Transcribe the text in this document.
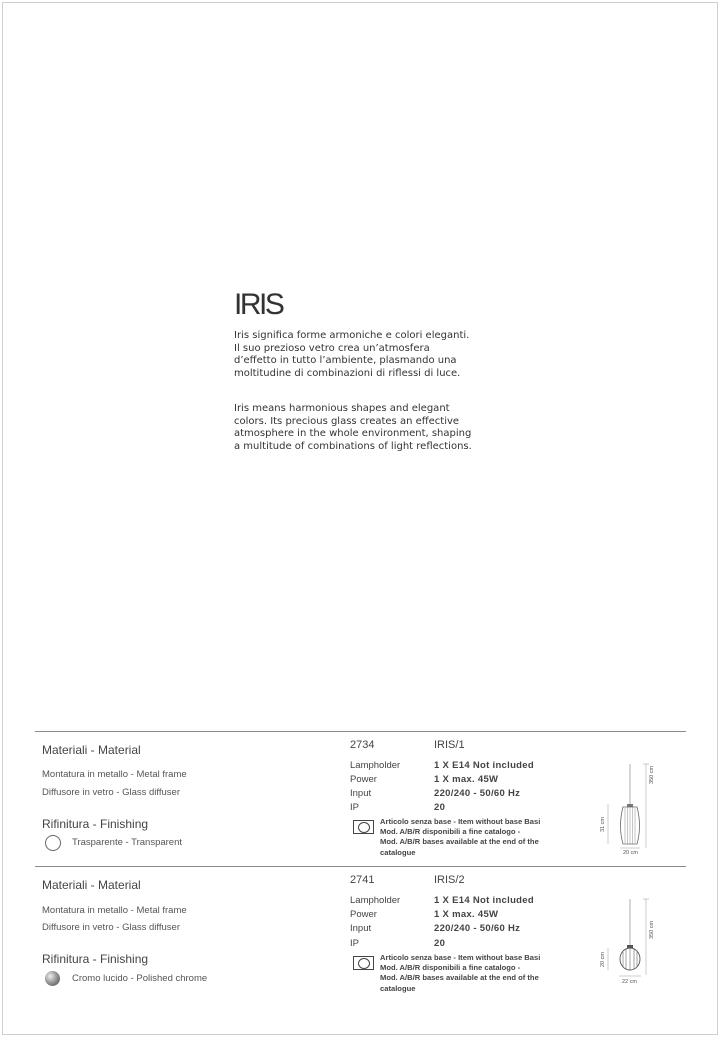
IRIS

Iris significa forme armoniche e colori eleganti. Il suo prezioso vetro crea un’atmosfera d’effetto in tutto l’ambiente, plasmando una moltitudine di combinazioni di riflessi di luce.

Iris means harmonious shapes and elegant colors. Its precious glass creates an effective atmosphere in the whole environment, shaping a multitude of combinations of light reflections.

Materiali - Material
Montatura in metallo - Metal frame
Diffusore in vetro - Glass diffuser
Rifinitura - Finishing
Trasparente - Transparent
2734	IRIS/1
Lampholder	1 X E14 Not included
Power	1 X max. 45W
Input	220/240 - 50/60 Hz
IP	20
Articolo senza base - Item without base Basi
Mod. A/B/R disponibili a fine catalogo -
Mod. A/B/R bases available at the end of the
catalogue
350 cm
31 cm
20 cm
Materiali - Material
Montatura in metallo - Metal frame
Diffusore in vetro - Glass diffuser
Rifinitura - Finishing
Cromo lucido - Polished chrome
2741	IRIS/2
Lampholder	1 X E14 Not included
Power	1 X max. 45W
Input	220/240 - 50/60 Hz
IP	20
Articolo senza base - Item without base Basi
Mod. A/B/R disponibili a fine catalogo -
Mod. A/B/R bases available at the end of the
catalogue
350 cm
20 cm
22 cm
